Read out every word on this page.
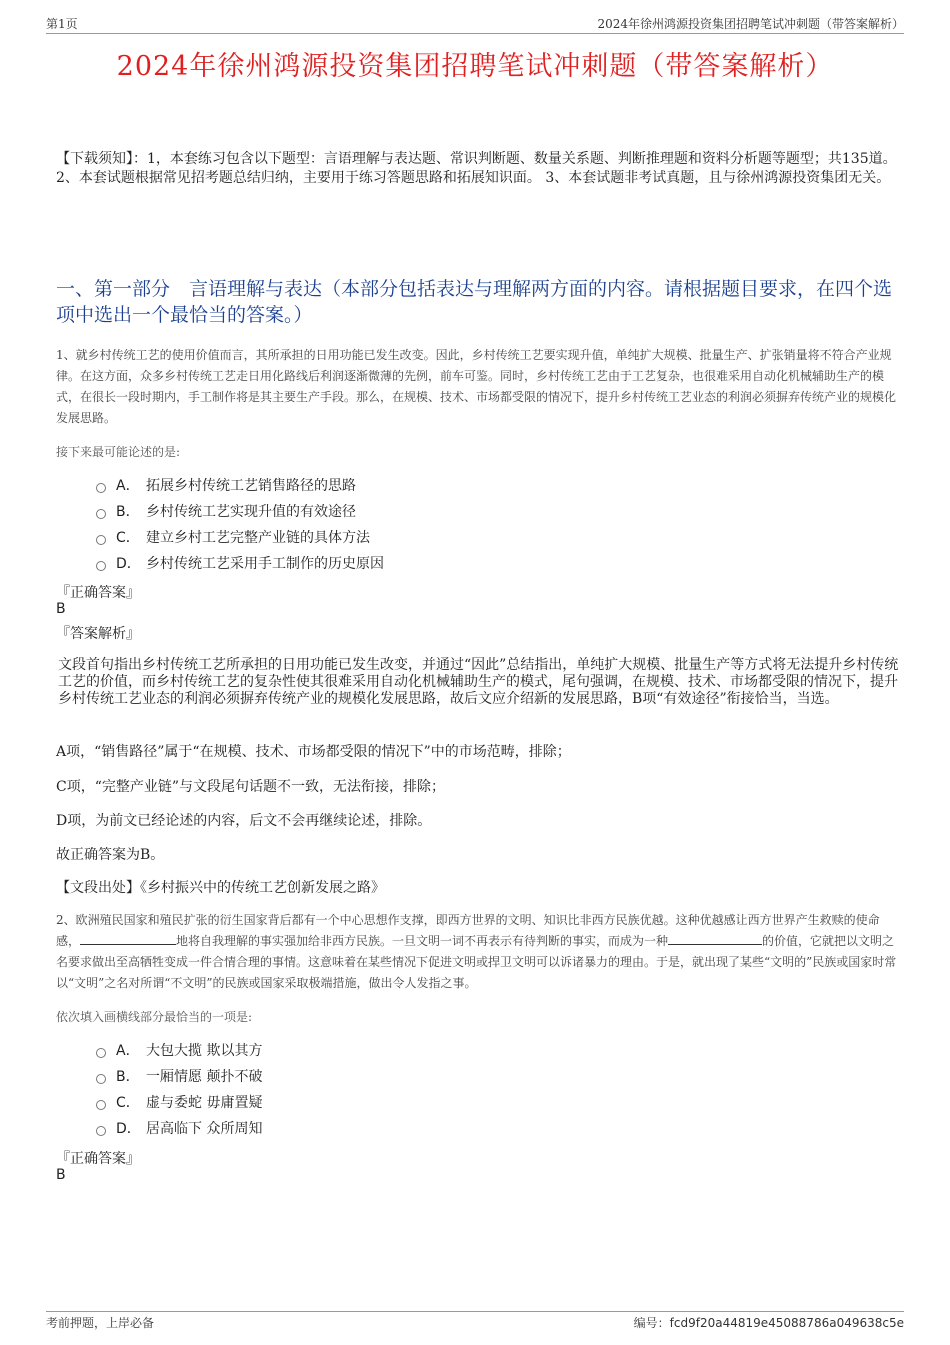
第1页	2024年徐州鸿源投资集团招聘笔试冲刺题（带答案解析）
2024年徐州鸿源投资集团招聘笔试冲刺题（带答案解析）
【下载须知】：1，本套练习包含以下题型：言语理解与表达题、常识判断题、数量关系题、判断推理题和资料分析题等题型；共135道。 2、本套试题根据常见招考题总结归纳，主要用于练习答题思路和拓展知识面。 3、本套试题非考试真题，且与徐州鸿源投资集团无关。
一、第一部分　言语理解与表达（本部分包括表达与理解两方面的内容。请根据题目要求，在四个选项中选出一个最恰当的答案。）
1、就乡村传统工艺的使用价值而言，其所承担的日用功能已发生改变。因此，乡村传统工艺要实现升值，单纯扩大规模、批量生产、扩张销量将不符合产业规律。在这方面，众多乡村传统工艺走日用化路线后利润逐渐微薄的先例，前车可鉴。同时，乡村传统工艺由于工艺复杂，也很难采用自动化机械辅助生产的模式，在很长一段时期内，手工制作将是其主要生产手段。那么，在规模、技术、市场都受限的情况下，提升乡村传统工艺业态的利润必须摒弃传统产业的规模化发展思路。
接下来最可能论述的是:
A． 拓展乡村传统工艺销售路径的思路
B． 乡村传统工艺实现升值的有效途径
C． 建立乡村工艺完整产业链的具体方法
D． 乡村传统工艺采用手工制作的历史原因
『正确答案』
B
『答案解析』
文段首句指出乡村传统工艺所承担的日用功能已发生改变，并通过“因此”总结指出，单纯扩大规模、批量生产等方式将无法提升乡村传统工艺的价值，而乡村传统工艺的复杂性使其很难采用自动化机械辅助生产的模式，尾句强调，在规模、技术、市场都受限的情况下，提升乡村传统工艺业态的利润必须摒弃传统产业的规模化发展思路，故后文应介绍新的发展思路，B项“有效途径”衔接恰当，当选。
A项，“销售路径”属于“在规模、技术、市场都受限的情况下”中的市场范畴，排除；
C项，“完整产业链”与文段尾句话题不一致，无法衔接，排除；
D项，为前文已经论述的内容，后文不会再继续论述，排除。
故正确答案为B。
【文段出处】《乡村振兴中的传统工艺创新发展之路》
2、欧洲殖民国家和殖民扩张的衍生国家背后都有一个中心思想作支撑，即西方世界的文明、知识比非西方民族优越。这种优越感让西方世界产生救赎的使命感，	地将自我理解的事实强加给非西方民族。一旦文明一词不再表示有待判断的事实，而成为一种	的价值，它就把以文明之名要求做出至高牺牲变成一件合情合理的事情。这意味着在某些情况下促进文明或捍卫文明可以诉诸暴力的理由。于是，就出现了某些“文明的”民族或国家时常以“文明”之名对所谓“不文明”的民族或国家采取极端措施，做出令人发指之事。
依次填入画横线部分最恰当的一项是:
A． 大包大揽 欺以其方
B． 一厢情愿 颠扑不破
C． 虚与委蛇 毋庸置疑
D． 居高临下 众所周知
『正确答案』
B
考前押题，上岸必备	编号：fcd9f20a44819e45088786a049638c5e
